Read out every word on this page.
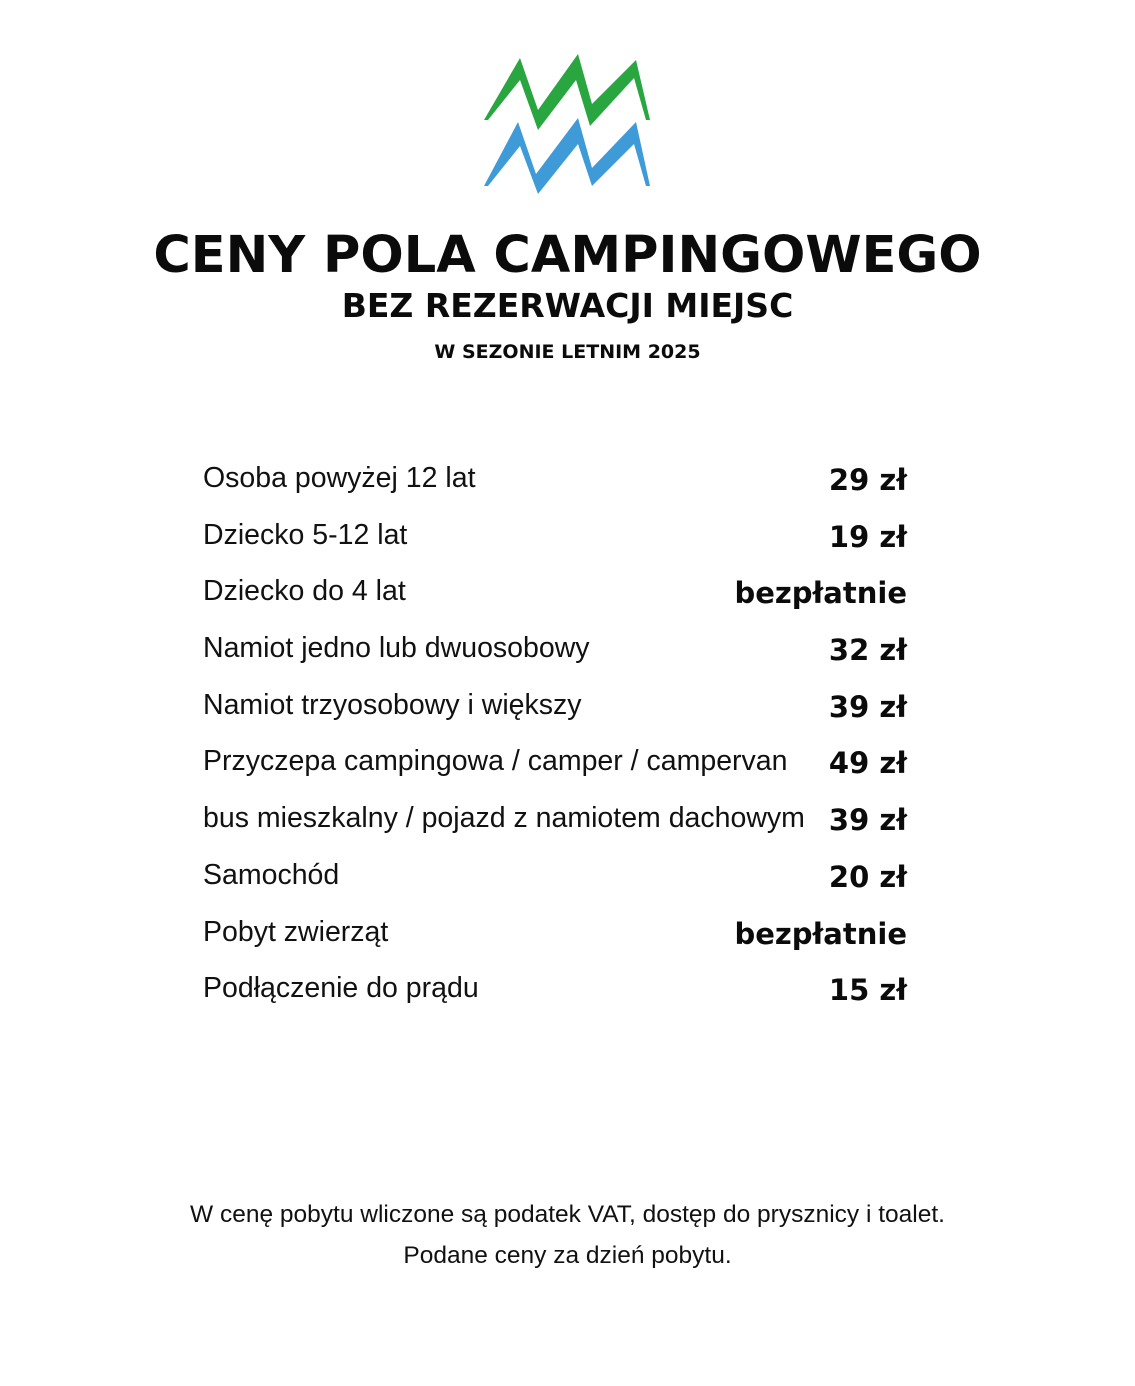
CENY POLA CAMPINGOWEGO
BEZ REZERWACJI MIEJSC
W SEZONIE LETNIM 2025
Osoba powyżej 12 lat	29 zł
Dziecko 5-12 lat	19 zł
Dziecko do 4 lat	bezpłatnie
Namiot jedno lub dwuosobowy	32 zł
Namiot trzyosobowy i większy	39 zł
Przyczepa campingowa / camper / campervan 49 zł
bus mieszkalny / pojazd z namiotem dachowym 39 zł
Samochód	20 zł
Pobyt zwierząt	bezpłatnie
Podłączenie do prądu	15 zł
W cenę pobytu wliczone są podatek VAT, dostęp do prysznicy i toalet.
Podane ceny za dzień pobytu.
